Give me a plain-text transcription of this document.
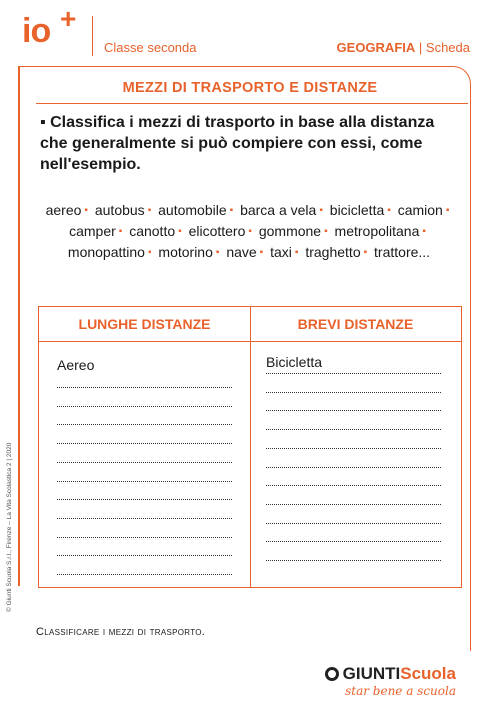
io +
Classe seconda	GEOGRAFIA | Scheda
MEZZI DI TRASPORTO E DISTANZE
▪ Classifica i mezzi di trasporto in base alla distanza che generalmente si può compiere con essi, come nell'esempio.
aereo ▪ autobus ▪ automobile ▪ barca a vela ▪ bicicletta ▪ camion ▪ camper ▪ canotto ▪ elicottero ▪ gommone ▪ metropolitana ▪ monopattino ▪ motorino ▪ nave ▪ taxi ▪ traghetto ▪ trattore...
LUNGHE DISTANZE	BREVI DISTANZE
Aereo	Bicicletta
Classificare i mezzi di trasporto.
© Giunti Scuola S.r.l., Firenze – La Vita Scolastica 2 | 2020
GIUNTIScuola
star bene a scuola
